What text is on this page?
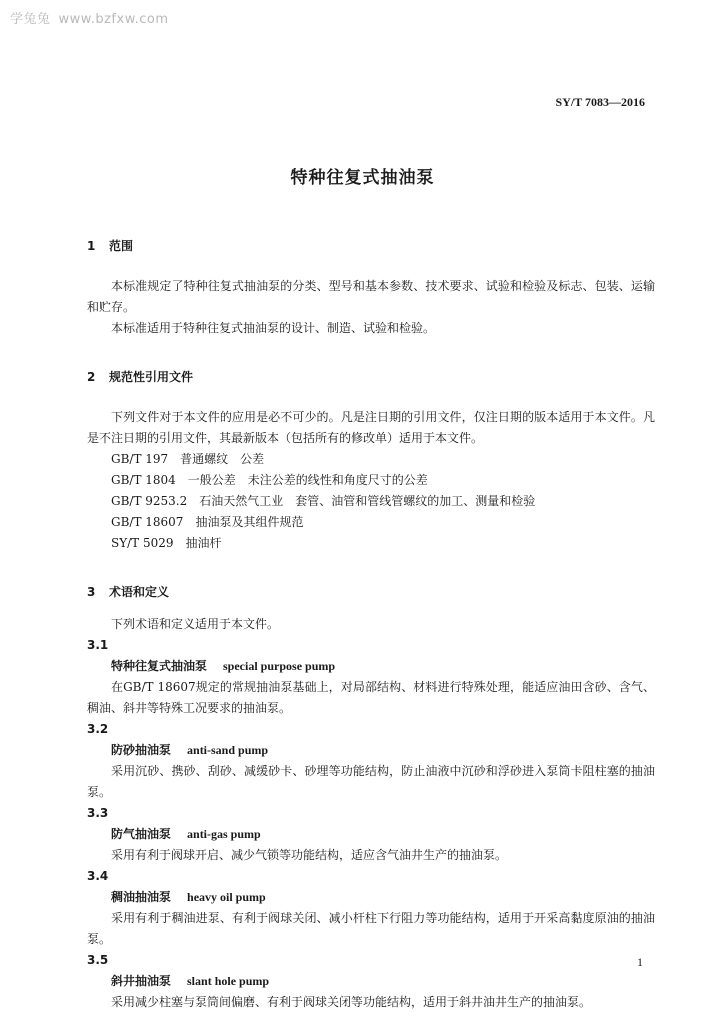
学兔兔 www.bzfxw.com
SY/T 7083—2016
特种往复式抽油泵

1 范围

本标准规定了特种往复式抽油泵的分类、型号和基本参数、技术要求、试验和检验及标志、包装、运输和贮存。

本标准适用于特种往复式抽油泵的设计、制造、试验和检验。

2 规范性引用文件

下列文件对于本文件的应用是必不可少的。凡是注日期的引用文件，仅注日期的版本适用于本文件。凡是不注日期的引用文件，其最新版本（包括所有的修改单）适用于本文件。

GB/T 197　普通螺纹　公差

GB/T 1804　一般公差　未注公差的线性和角度尺寸的公差

GB/T 9253.2　石油天然气工业　套管、油管和管线管螺纹的加工、测量和检验

GB/T 18607　抽油泵及其组件规范

SY/T 5029　抽油杆

3 术语和定义

下列术语和定义适用于本文件。

3.1

特种往复式抽油泵 special purpose pump

在GB/T 18607规定的常规抽油泵基础上，对局部结构、材料进行特殊处理，能适应油田含砂、含气、稠油、斜井等特殊工况要求的抽油泵。

3.2

防砂抽油泵 anti-sand pump

采用沉砂、携砂、刮砂、减缓砂卡、砂埋等功能结构，防止油液中沉砂和浮砂进入泵筒卡阻柱塞的抽油泵。

3.3

防气抽油泵 anti-gas pump

采用有利于阀球开启、减少气锁等功能结构，适应含气油井生产的抽油泵。

3.4

稠油抽油泵 heavy oil pump

采用有利于稠油进泵、有利于阀球关闭、减小杆柱下行阻力等功能结构，适用于开采高黏度原油的抽油泵。

3.5

斜井抽油泵 slant hole pump

采用减少柱塞与泵筒间偏磨、有利于阀球关闭等功能结构，适用于斜井油井生产的抽油泵。

1
